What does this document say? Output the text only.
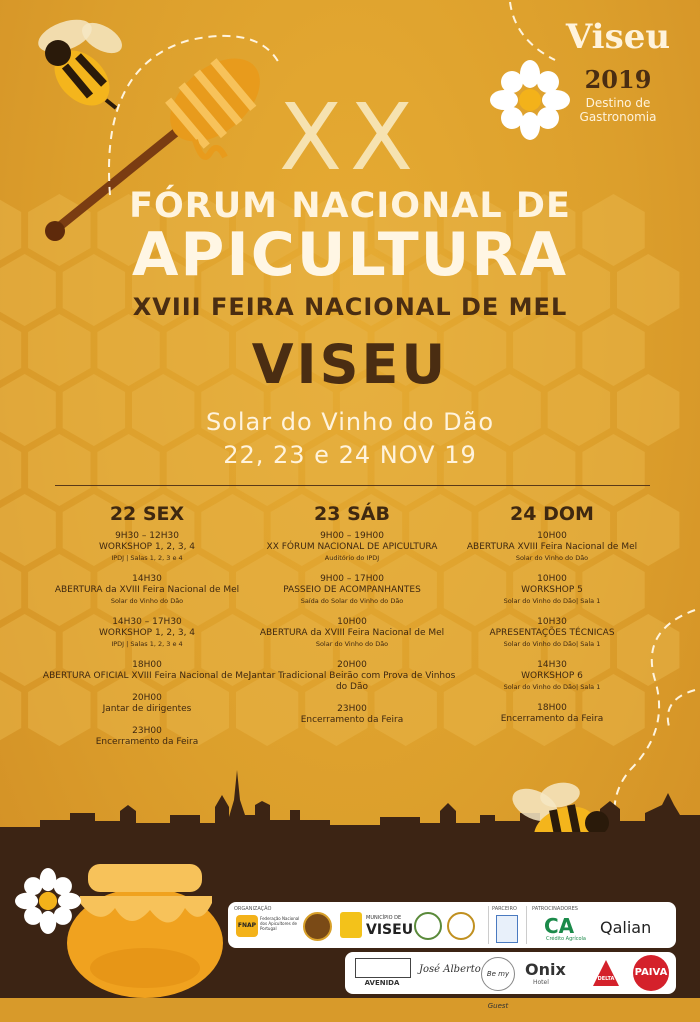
Viseu
2019
Destino de
Gastronomia
XX
FÓRUM NACIONAL DE
APICULTURA
XVIII FEIRA NACIONAL DE MEL
VISEU
Solar do Vinho do Dão
22, 23 e 24 NOV 19
22 SEX
9H30 – 12H30
WORKSHOP 1, 2, 3, 4
IPDJ | Salas 1, 2, 3 e 4
14H30
ABERTURA da XVIII Feira Nacional de Mel
Solar do Vinho do Dão
14H30 – 17H30
WORKSHOP 1, 2, 3, 4
IPDJ | Salas 1, 2, 3 e 4
18H00
ABERTURA OFICIAL XVIII Feira Nacional de Mel
20H00
Jantar de dirigentes
23H00
Encerramento da Feira
23 SÁB
9H00 – 19H00
XX FÓRUM NACIONAL DE APICULTURA
Auditório do IPDJ
9H00 – 17H00
PASSEIO DE ACOMPANHANTES
Saída do Solar do Vinho do Dão
10H00
ABERTURA da XVIII Feira Nacional de Mel
Solar do Vinho do Dão
20H00
Jantar Tradicional Beirão com Prova de Vinhos do Dão
23H00
Encerramento da Feira
24 DOM
10H00
ABERTURA XVIII Feira Nacional de Mel
Solar do Vinho do Dão
10H00
WORKSHOP 5
Solar do Vinho do Dão| Sala 1
10H30
APRESENTAÇÕES TÉCNICAS
Solar do Vinho do Dão| Sala 1
14H30
WORKSHOP 6
Solar do Vinho do Dão| Sala 1
18H00
Encerramento da Feira
ORGANIZAÇÃO
FNAP
Federação Nacional dos Apicultores de Portugal
MUNICÍPIO DE
VISEU
PARCEIRO	PATROCINADORES
CA
Crédito Agrícola
Qalian
AVENIDA
José Alberto Be my Guest
Onix
Hotel	DELTA
PAIVA
